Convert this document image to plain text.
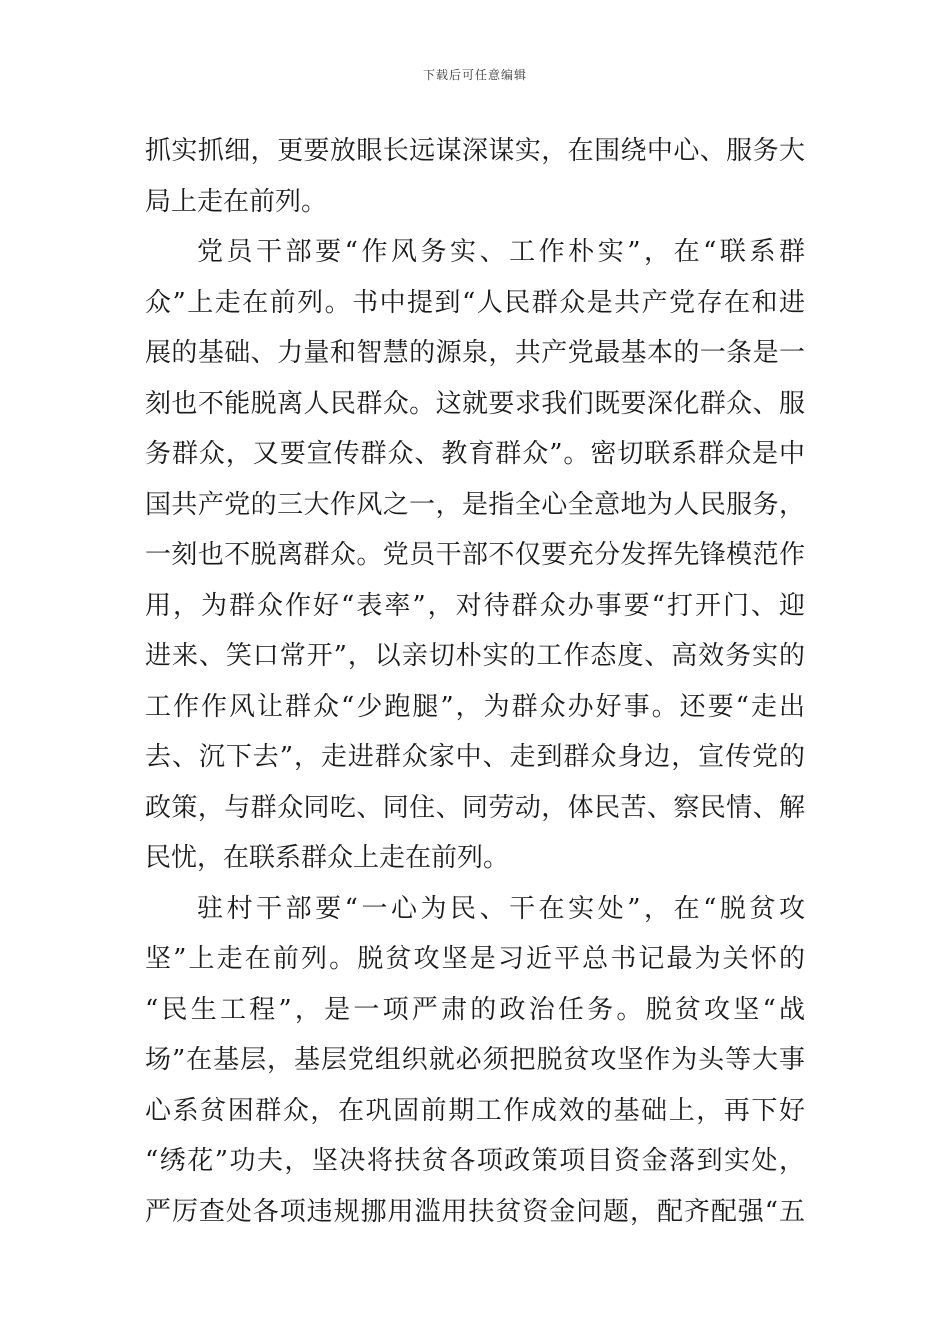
下载后可任意编辑
抓实抓细，更要放眼长远谋深谋实，在围绕中心、服务大
局上走在前列。
党员干部要“作风务实、工作朴实”，在“联系群
众”上走在前列。书中提到“人民群众是共产党存在和进
展的基础、力量和智慧的源泉，共产党最基本的一条是一
刻也不能脱离人民群众。这就要求我们既要深化群众、服
务群众，又要宣传群众、教育群众”。密切联系群众是中
国共产党的三大作风之一，是指全心全意地为人民服务，
一刻也不脱离群众。党员干部不仅要充分发挥先锋模范作
用，为群众作好“表率”，对待群众办事要“打开门、迎
进来、笑口常开”，以亲切朴实的工作态度、高效务实的
工作作风让群众“少跑腿”，为群众办好事。还要“走出
去、沉下去”，走进群众家中、走到群众身边，宣传党的
政策，与群众同吃、同住、同劳动，体民苦、察民情、解
民忧，在联系群众上走在前列。
驻村干部要“一心为民、干在实处”，在“脱贫攻
坚”上走在前列。脱贫攻坚是习近平总书记最为关怀的
“民生工程”，是一项严肃的政治任务。脱贫攻坚“战
场”在基层，基层党组织就必须把脱贫攻坚作为头等大事
心系贫困群众，在巩固前期工作成效的基础上，再下好
“绣花”功夫，坚决将扶贫各项政策项目资金落到实处，
严厉查处各项违规挪用滥用扶贫资金问题，配齐配强“五
